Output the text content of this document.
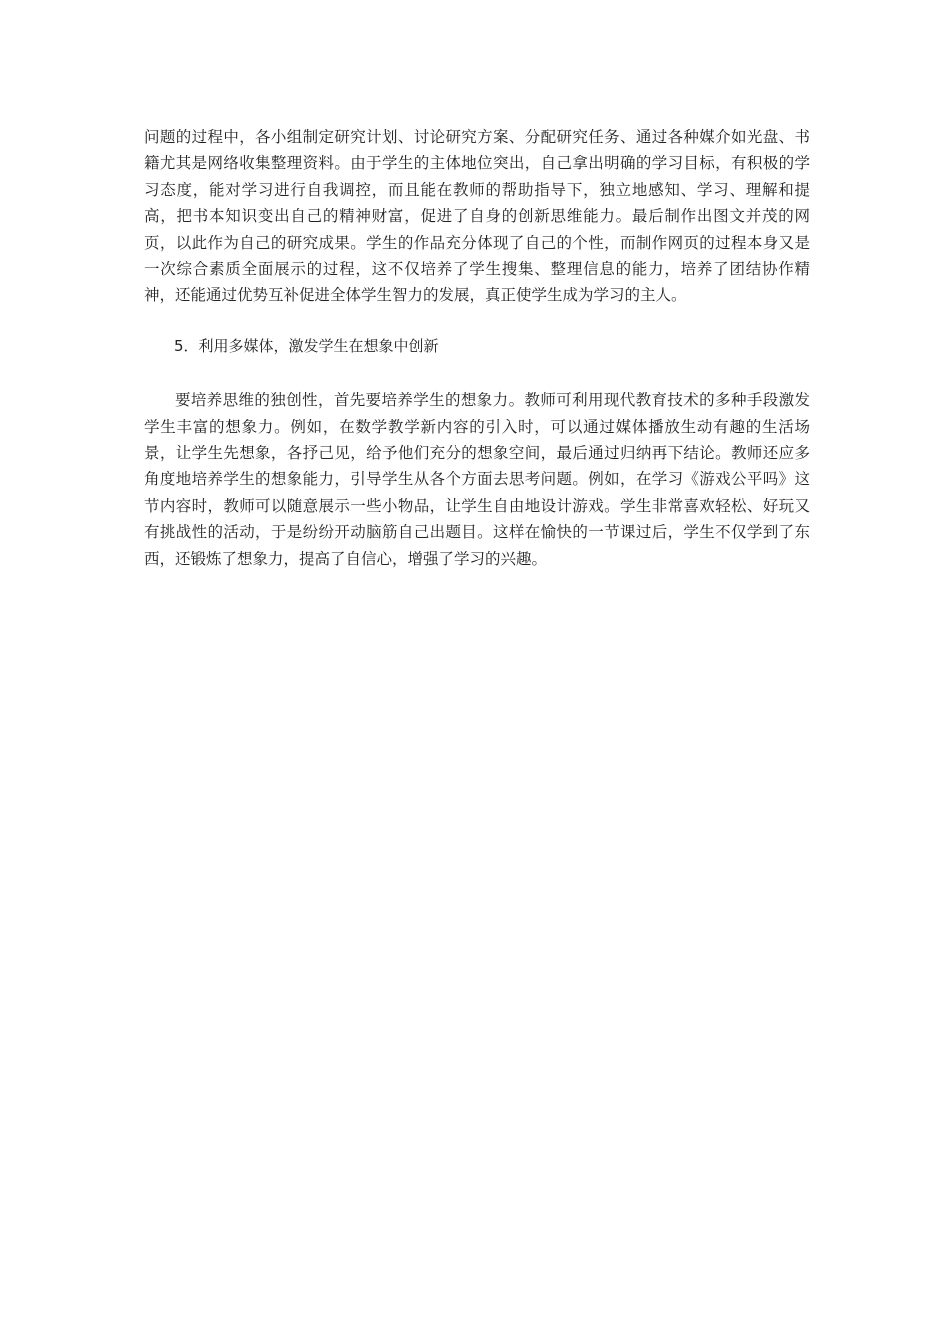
问题的过程中，各小组制定研究计划、讨论研究方案、分配研究任务、通过各种媒介如光盘、书籍尤其是网络收集整理资料。由于学生的主体地位突出，自己拿出明确的学习目标，有积极的学习态度，能对学习进行自我调控，而且能在教师的帮助指导下，独立地感知、学习、理解和提高，把书本知识变出自己的精神财富，促进了自身的创新思维能力。最后制作出图文并茂的网页，以此作为自己的研究成果。学生的作品充分体现了自己的个性，而制作网页的过程本身又是一次综合素质全面展示的过程，这不仅培养了学生搜集、整理信息的能力，培养了团结协作精神，还能通过优势互补促进全体学生智力的发展，真正使学生成为学习的主人。

5．利用多媒体，激发学生在想象中创新

要培养思维的独创性，首先要培养学生的想象力。教师可利用现代教育技术的多种手段激发学生丰富的想象力。例如，在数学教学新内容的引入时，可以通过媒体播放生动有趣的生活场景，让学生先想象，各抒己见，给予他们充分的想象空间，最后通过归纳再下结论。教师还应多角度地培养学生的想象能力，引导学生从各个方面去思考问题。例如，在学习《游戏公平吗》这节内容时，教师可以随意展示一些小物品，让学生自由地设计游戏。学生非常喜欢轻松、好玩又有挑战性的活动，于是纷纷开动脑筋自己出题目。这样在愉快的一节课过后，学生不仅学到了东西，还锻炼了想象力，提高了自信心，增强了学习的兴趣。
